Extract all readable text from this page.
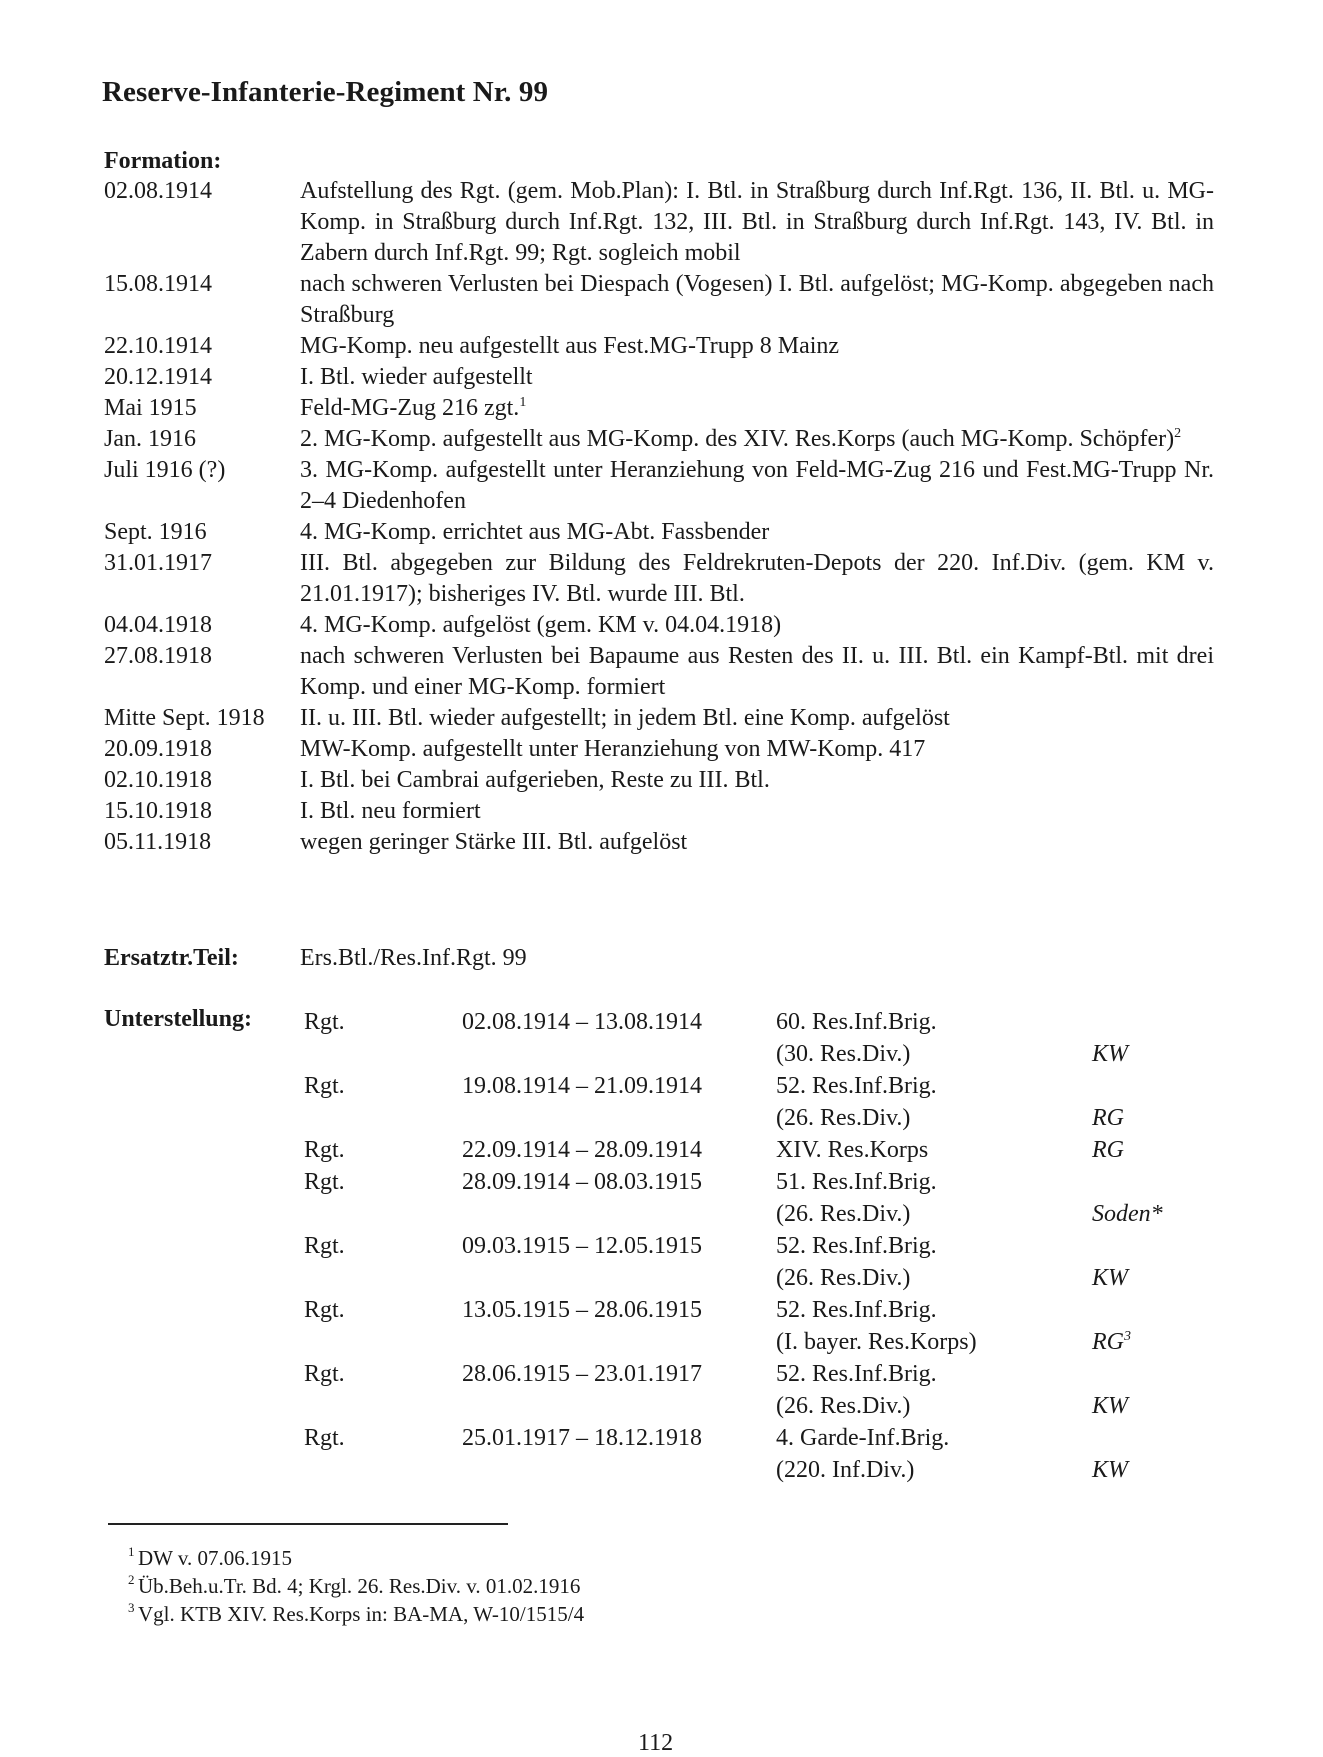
Reserve-Infanterie-Regiment Nr. 99
Formation:
02.08.1914	Aufstellung des Rgt. (gem. Mob.Plan): I. Btl. in Straßburg durch Inf.Rgt. 136, II. Btl. u. MG-Komp. in Straßburg durch Inf.Rgt. 132, III. Btl. in Straßburg durch Inf.Rgt. 143, IV. Btl. in Zabern durch Inf.Rgt. 99; Rgt. sogleich mobil
15.08.1914	nach schweren Verlusten bei Diespach (Vogesen) I. Btl. aufgelöst; MG-Komp. abgegeben nach Straßburg
22.10.1914	MG-Komp. neu aufgestellt aus Fest.MG-Trupp 8 Mainz
20.12.1914	I. Btl. wieder aufgestellt
Mai 1915	Feld-MG-Zug 216 zgt.$^1$
Jan. 1916	2. MG-Komp. aufgestellt aus MG-Komp. des XIV. Res.Korps (auch MG-Komp. Schöpfer)$^2$
Juli 1916 (?)	3. MG-Komp. aufgestellt unter Heranziehung von Feld-MG-Zug 216 und Fest.MG-Trupp Nr. 2–4 Diedenhofen
Sept. 1916	4. MG-Komp. errichtet aus MG-Abt. Fassbender
31.01.1917	III. Btl. abgegeben zur Bildung des Feldrekruten-Depots der 220. Inf.Div. (gem. KM v. 21.01.1917); bisheriges IV. Btl. wurde III. Btl.
04.04.1918	4. MG-Komp. aufgelöst (gem. KM v. 04.04.1918)
27.08.1918	nach schweren Verlusten bei Bapaume aus Resten des II. u. III. Btl. ein Kampf-Btl. mit drei Komp. und einer MG-Komp. formiert
Mitte Sept. 1918	II. u. III. Btl. wieder aufgestellt; in jedem Btl. eine Komp. aufgelöst
20.09.1918	MW-Komp. aufgestellt unter Heranziehung von MW-Komp. 417
02.10.1918	I. Btl. bei Cambrai aufgerieben, Reste zu III. Btl.
15.10.1918	I. Btl. neu formiert
05.11.1918	wegen geringer Stärke III. Btl. aufgelöst
Ersatztr.Teil:	Ers.Btl./Res.Inf.Rgt. 99
Unterstellung: Rgt.	02.08.1914 – 13.08.1914	60. Res.Inf.Brig.
(30. Res.Div.)	KW
Rgt.	19.08.1914 – 21.09.1914	52. Res.Inf.Brig.
(26. Res.Div.)	RG
Rgt.	22.09.1914 – 28.09.1914	XIV. Res.Korps	RG
Rgt.	28.09.1914 – 08.03.1915	51. Res.Inf.Brig.
(26. Res.Div.)	Soden*
Rgt.	09.03.1915 – 12.05.1915	52. Res.Inf.Brig.
(26. Res.Div.)	KW
Rgt.	13.05.1915 – 28.06.1915	52. Res.Inf.Brig.
(I. bayer. Res.Korps)	$RG^3$
Rgt.	28.06.1915 – 23.01.1917	52. Res.Inf.Brig.
(26. Res.Div.)	KW
Rgt.	25.01.1917 – 18.12.1918	4. Garde-Inf.Brig.
(220. Inf.Div.)	KW
1 DW v. 07.06.1915
2 Üb.Beh.u.Tr. Bd. 4; Krgl. 26. Res.Div. v. 01.02.1916
3 Vgl. KTB XIV. Res.Korps in: BA-MA, W-10/1515/4
112
